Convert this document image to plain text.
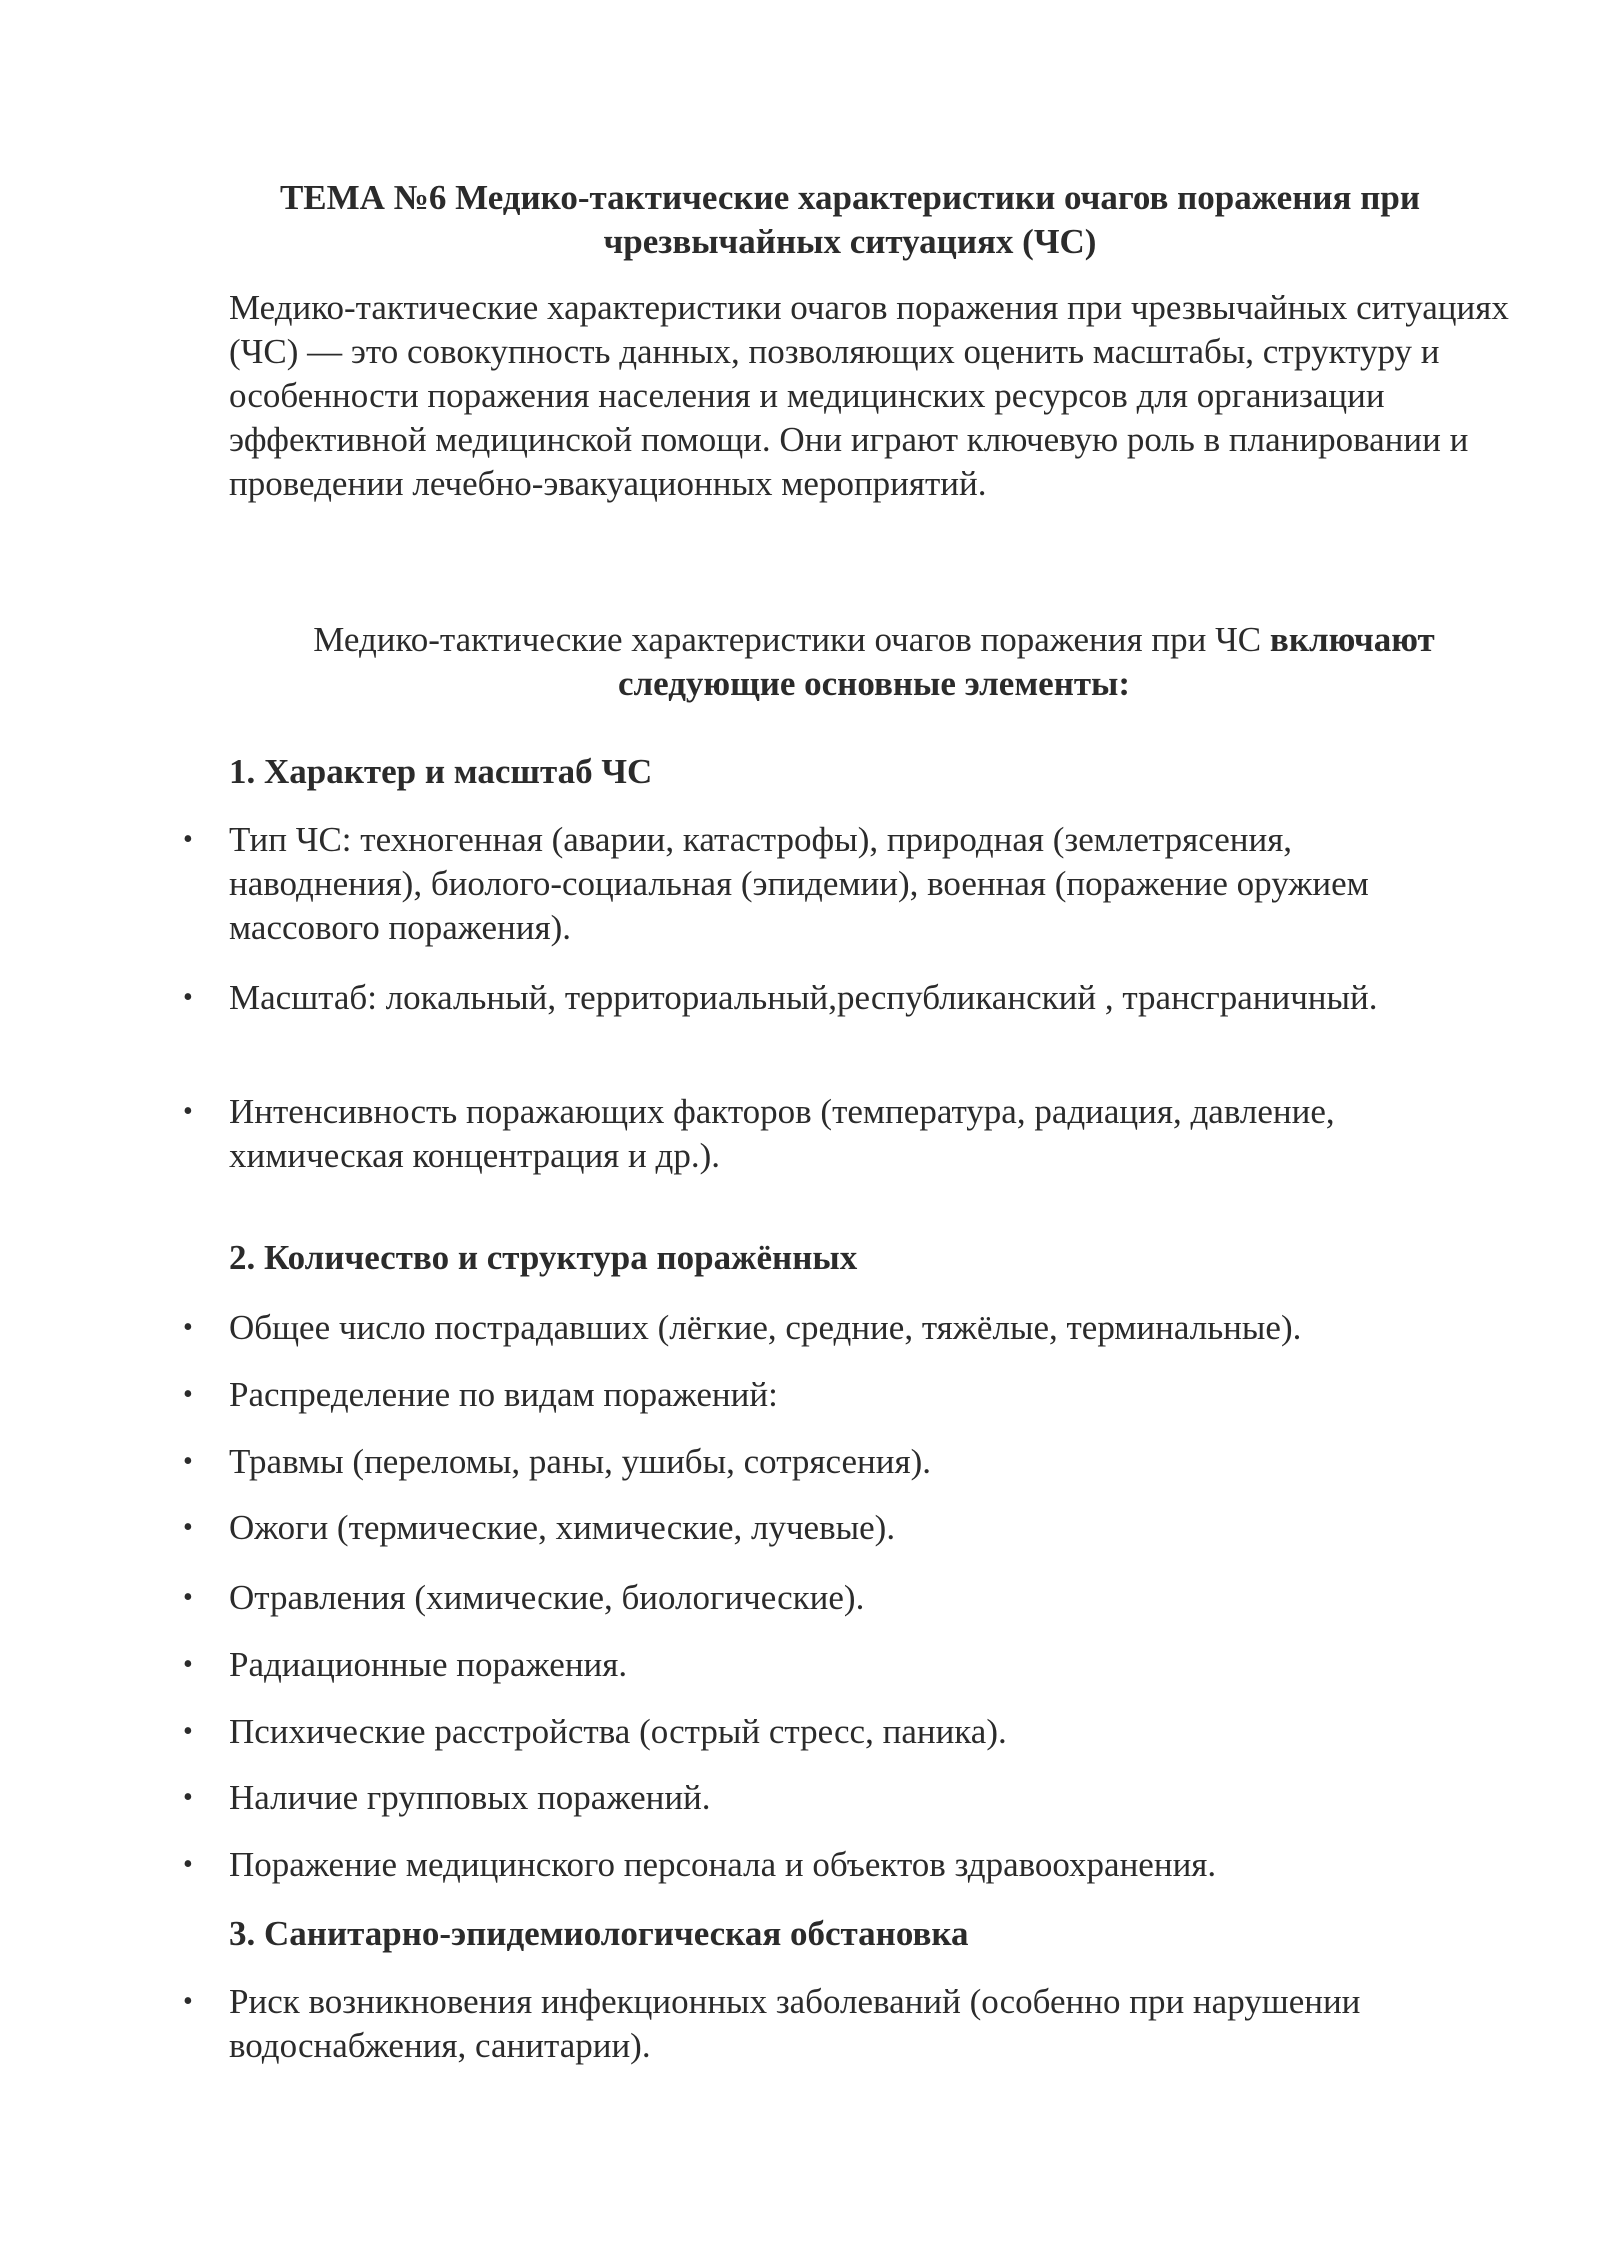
ТЕМА №6 Медико-тактические характеристики очагов поражения при чрезвычайных ситуациях (ЧС)

Медико-тактические характеристики очагов поражения при чрезвычайных ситуациях (ЧС) — это совокупность данных, позволяющих оценить масштабы, структуру и особенности поражения населения и медицинских ресурсов для организации эффективной медицинской помощи. Они играют ключевую роль в планировании и проведении лечебно-эвакуационных мероприятий.

Медико-тактические характеристики очагов поражения при ЧС включают следующие основные элементы:

1. Характер и масштаб ЧС

• Тип ЧС: техногенная (аварии, катастрофы), природная (землетрясения, наводнения), биолого-социальная (эпидемии), военная (поражение оружием массового поражения).

• Масштаб: локальный, территориальный,республиканский , трансграничный.

• Интенсивность поражающих факторов (температура, радиация, давление, химическая концентрация и др.).

2. Количество и структура поражённых

• Общее число пострадавших (лёгкие, средние, тяжёлые, терминальные).

• Распределение по видам поражений:

• Травмы (переломы, раны, ушибы, сотрясения).

• Ожоги (термические, химические, лучевые).

• Отравления (химические, биологические).

• Радиационные поражения.

• Психические расстройства (острый стресс, паника).

• Наличие групповых поражений.

• Поражение медицинского персонала и объектов здравоохранения.

3. Санитарно-эпидемиологическая обстановка

• Риск возникновения инфекционных заболеваний (особенно при нарушении водоснабжения, санитарии).
